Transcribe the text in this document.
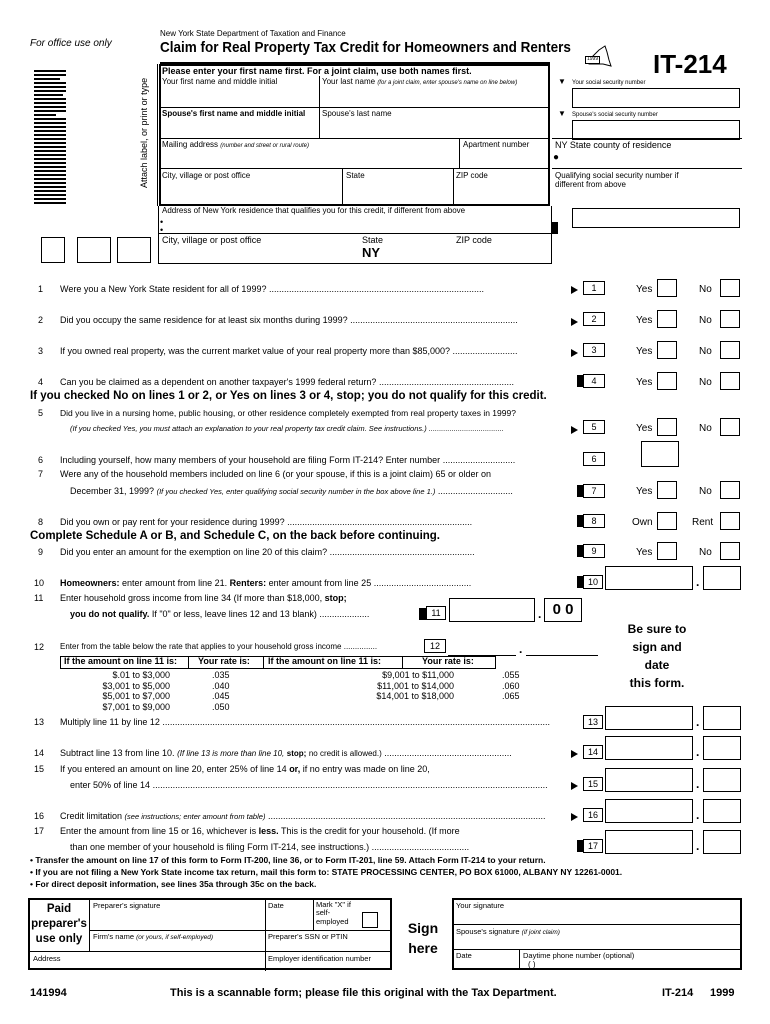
For office use only
New York State Department of Taxation and Finance
Claim for Real Property Tax Credit for Homeowners and Renters
1999 IT-214
Attach label, or print or type
Please enter your first name first. For a joint claim, use both names first.
Your first name and middle initial	Your last name (for a joint claim, enter spouse's name on line below)
Spouse's first name and middle initial Spouse's last name
Mailing address (number and street or rural route)	Apartment number
City, village or post office	State	ZIP code
▼ Your social security number
▼ Spouse's social security number
NY State county of residence
●
Qualifying social security number if different from above
Address of New York residence that qualifies you for this credit, if different from above
•
•
City, village or post office	State
NY
ZIP code
1 Were you a New York State resident for all of 1999? ......................................................................................	1	Yes	No
2 Did you occupy the same residence for at least six months during 1999? ...................................................................	2	Yes	No
3 If you owned real property, was the current market value of your real property more than $85,000? ..........................	3	Yes	No
4 Can you be claimed as a dependent on another taxpayer's 1999 federal return? ......................................................	4	Yes	No
If you checked No on lines 1 or 2, or Yes on lines 3 or 4, stop; you do not qualify for this credit.
5 Did you live in a nursing home, public housing, or other residence completely exempted from real property taxes in 1999?
(If you checked Yes, you must attach an explanation to your real property tax credit claim. See instructions.) ....................................	5	Yes	No
6 Including yourself, how many members of your household are filing Form IT-214? Enter number .............................	6
7 Were any of the household members included on line 6 (or your spouse, if this is a joint claim) 65 or older on
December 31, 1999? (If you checked Yes, enter qualifying social security number in the box above line 1.) ..............................	7	Yes	No
8 Did you own or pay rent for your residence during 1999? ..........................................................................	8	Own	Rent
Complete Schedule A or B, and Schedule C, on the back before continuing.
9 Did you enter an amount for the exemption on line 20 of this claim? ..........................................................	9	Yes	No
10 Homeowners: enter amount from line 21. Renters: enter amount from line 25 .......................................	10	.
11 Enter household gross income from line 34 (If more than $18,000, stop;
you do not qualify. If "0" or less, leave lines 12 and 13 blank) ....................	11	. 0 0
Be sure to
sign and
date
this form.
12 Enter from the table below the rate that applies to your household gross income ...............	12	.
If the amount on line 11 is: Your rate is: If the amount on line 11 is:	Your rate is:
$.01 to $3,000	.035
$3,001 to $5,000	.040
$5,001 to $7,000	.045
$7,001 to $9,000	.050
$9,001 to $11,000	.055
$11,001 to $14,000	.060
$14,001 to $18,000	.065
13 Multiply line 11 by line 12 ...........................................................................................................................................................	13	.
14 Subtract line 13 from line 10. (If line 13 is more than line 10, stop; no credit is allowed.) ...................................................	14	.
15 If you entered an amount on line 20, enter 25% of line 14 or, if no entry was made on line 20,
enter 50% of line 14 ..............................................................................................................................................................	15	.
16 Credit limitation (see instructions; enter amount from table) ...............................................................................................................	16	.
17 Enter the amount from line 15 or 16, whichever is less. This is the credit for your household. (If more
than one member of your household is filing Form IT-214, see instructions.) .......................................	17	.
• Transfer the amount on line 17 of this form to Form IT-200, line 36, or to Form IT-201, line 59. Attach Form IT-214 to your return.
• If you are not filing a New York State income tax return, mail this form to: STATE PROCESSING CENTER, PO BOX 61000, ALBANY NY 12261-0001.
• For direct deposit information, see lines 35a through 35c on the back.
Paid preparer's use only
Preparer's signature	Date	Mark "X" if self-employed
Firm's name (or yours, if self-employed)	Preparer's SSN or PTIN
Address	Employer identification number
Sign here
Your signature
Spouse's signature (if joint claim)
Date	Daytime phone number (optional)
( )
141994	This is a scannable form; please file this original with the Tax Department.	IT-214 1999
